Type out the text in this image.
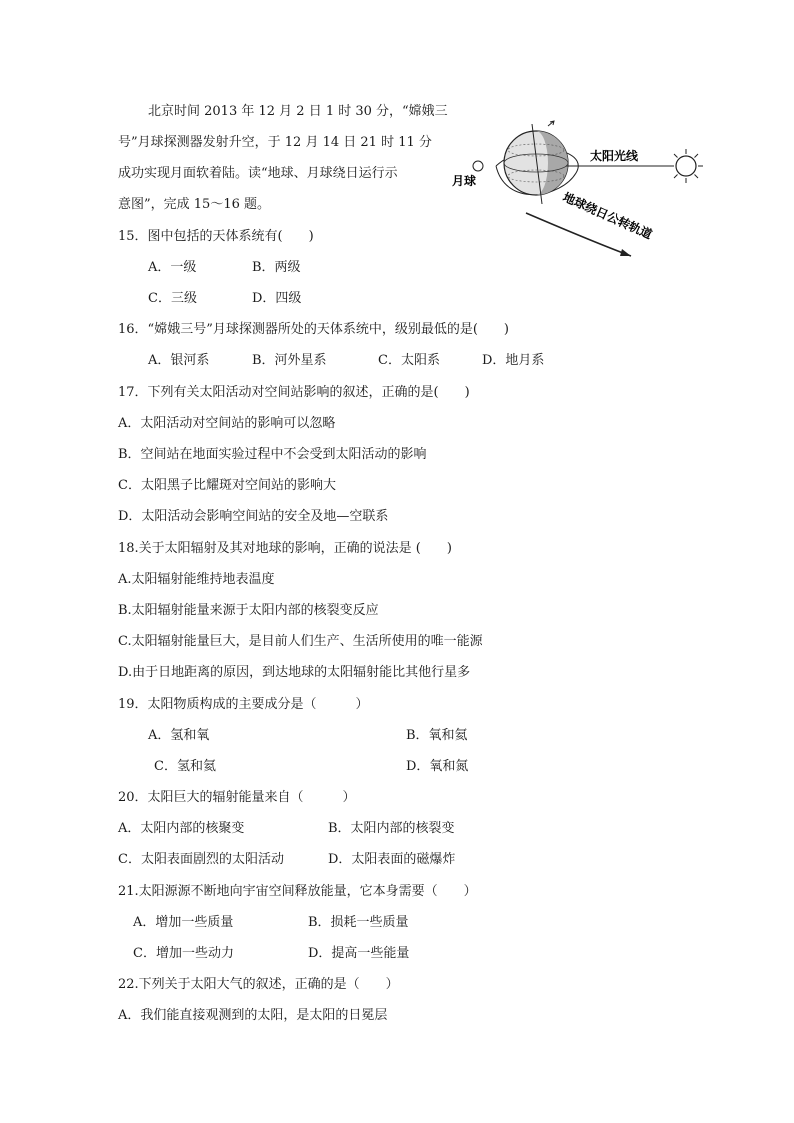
北京时间 2013 年 12 月 2 日 1 时 30 分，“嫦娥三
号”月球探测器发射升空，于 12 月 14 日 21 时 11 分
成功实现月面软着陆。读“地球、月球绕日运行示
意图”，完成 15～16 题。
月球
太阳光线
地球绕日公转轨道
15．图中包括的天体系统有(　　)
A．一级	B．两级
C．三级	D．四级
16．“嫦娥三号”月球探测器所处的天体系统中，级别最低的是(　　)
A．银河系	B．河外星系	C．太阳系	D．地月系
17．下列有关太阳活动对空间站影响的叙述，正确的是(　　)
A．太阳活动对空间站的影响可以忽略
B．空间站在地面实验过程中不会受到太阳活动的影响
C．太阳黑子比耀斑对空间站的影响大
D．太阳活动会影响空间站的安全及地—空联系
18.关于太阳辐射及其对地球的影响，正确的说法是 (　　)
A.太阳辐射能维持地表温度
B.太阳辐射能量来源于太阳内部的核裂变反应
C.太阳辐射能量巨大，是目前人们生产、生活所使用的唯一能源
D.由于日地距离的原因，到达地球的太阳辐射能比其他行星多
19．太阳物质构成的主要成分是（　　　）
A．氢和氧	B．氧和氦
C．氢和氦	D．氧和氮
20．太阳巨大的辐射能量来自（　　　）
A．太阳内部的核聚变	B．太阳内部的核裂变
C．太阳表面剧烈的太阳活动	D．太阳表面的磁爆炸
21.太阳源源不断地向宇宙空间释放能量，它本身需要（　　）
A．增加一些质量	B．损耗一些质量
C．增加一些动力	D．提高一些能量
22.下列关于太阳大气的叙述，正确的是（　　）
A．我们能直接观测到的太阳，是太阳的日冕层
